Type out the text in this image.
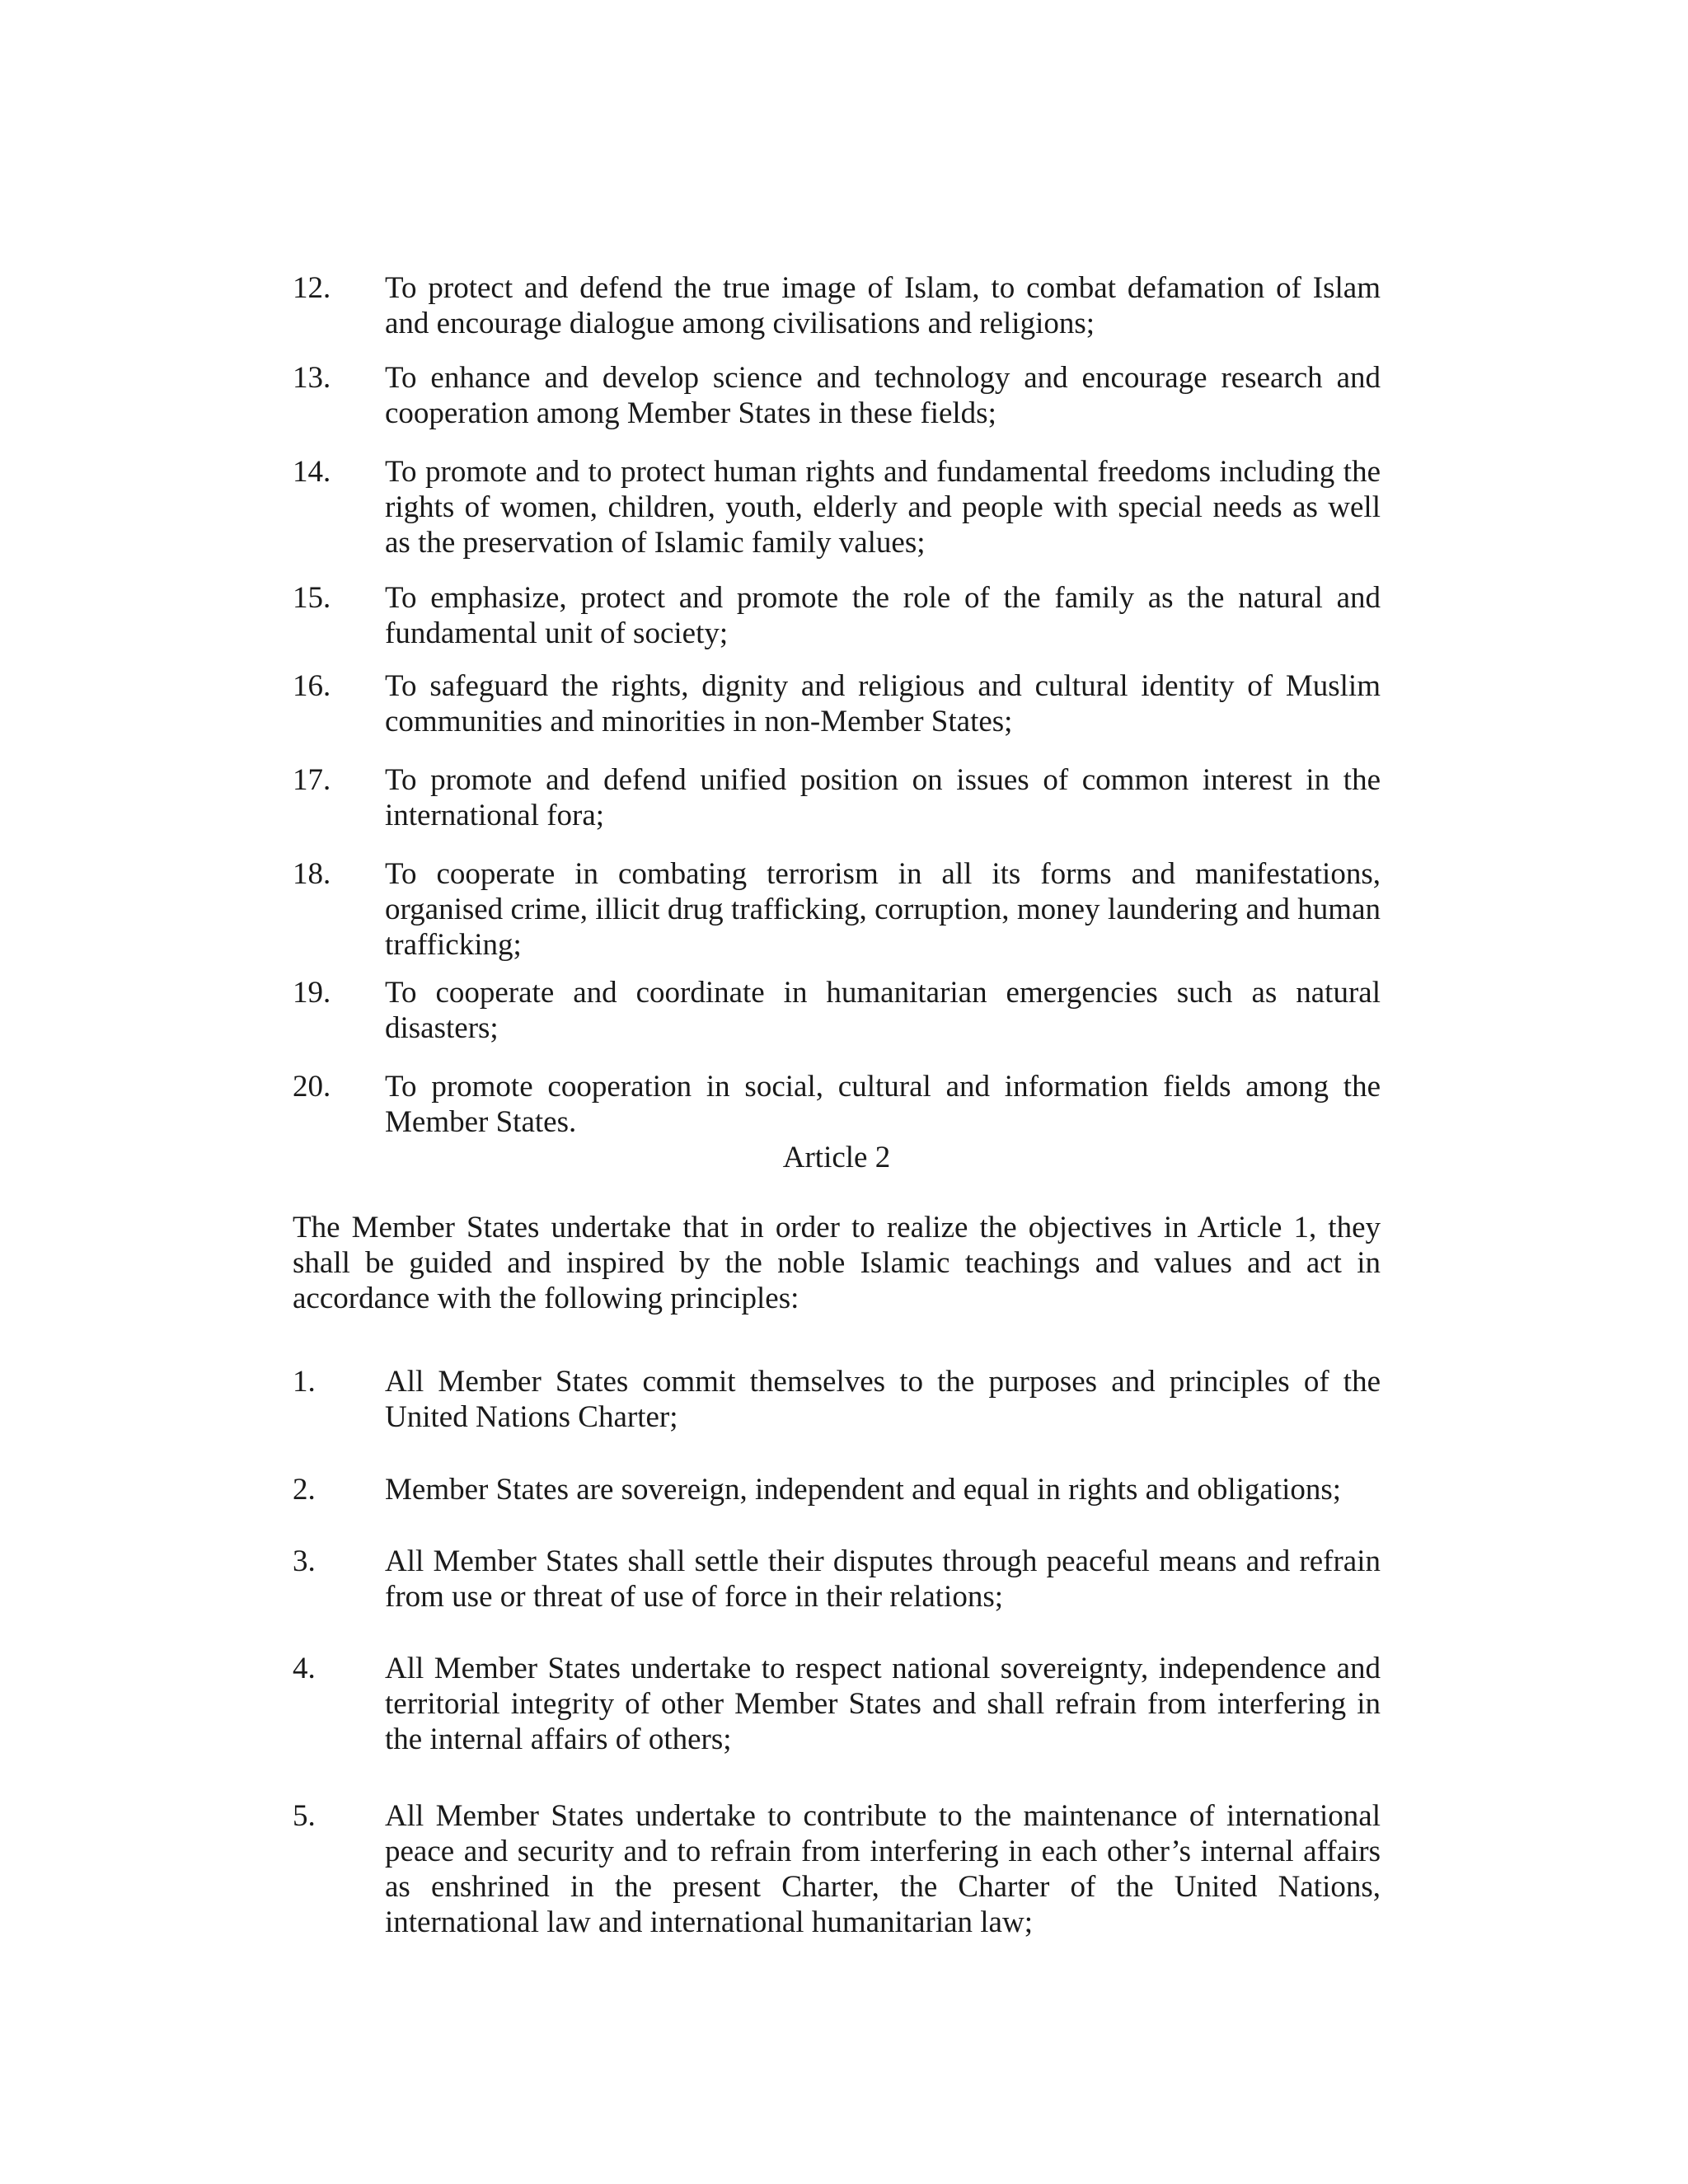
12.	To protect and defend the true image of Islam, to combat defamation of Islam and encourage dialogue among civilisations and religions;
13.	To enhance and develop science and technology and encourage research and cooperation among Member States in these fields;
14.	To promote and to protect human rights and fundamental freedoms including the rights of women, children, youth, elderly and people with special needs as well as the preservation of Islamic family values;
15.	To emphasize, protect and promote the role of the family as the natural and fundamental unit of society;
16.	To safeguard the rights, dignity and religious and cultural identity of Muslim communities and minorities in non-Member States;
17.	To promote and defend unified position on issues of common interest in the international fora;
18.	To cooperate in combating terrorism in all its forms and manifestations, organised crime, illicit drug trafficking, corruption, money laundering and human trafficking;
19.	To cooperate and coordinate in humanitarian emergencies such as natural disasters;
20.	To promote cooperation in social, cultural and information fields among the Member States.
Article 2
The Member States undertake that in order to realize the objectives in Article 1, they shall be guided and inspired by the noble Islamic teachings and values and act in accordance with the following principles:
1.	All Member States commit themselves to the purposes and principles of the United Nations Charter;
2.	Member States are sovereign, independent and equal in rights and obligations;
3.	All Member States shall settle their disputes through peaceful means and refrain from use or threat of use of force in their relations;
4.	All Member States undertake to respect national sovereignty, independence and territorial integrity of other Member States and shall refrain from interfering in the internal affairs of others;
5.	All Member States undertake to contribute to the maintenance of international peace and security and to refrain from interfering in each other’s internal affairs as enshrined in the present Charter, the Charter of the United Nations, international law and international humanitarian law;
